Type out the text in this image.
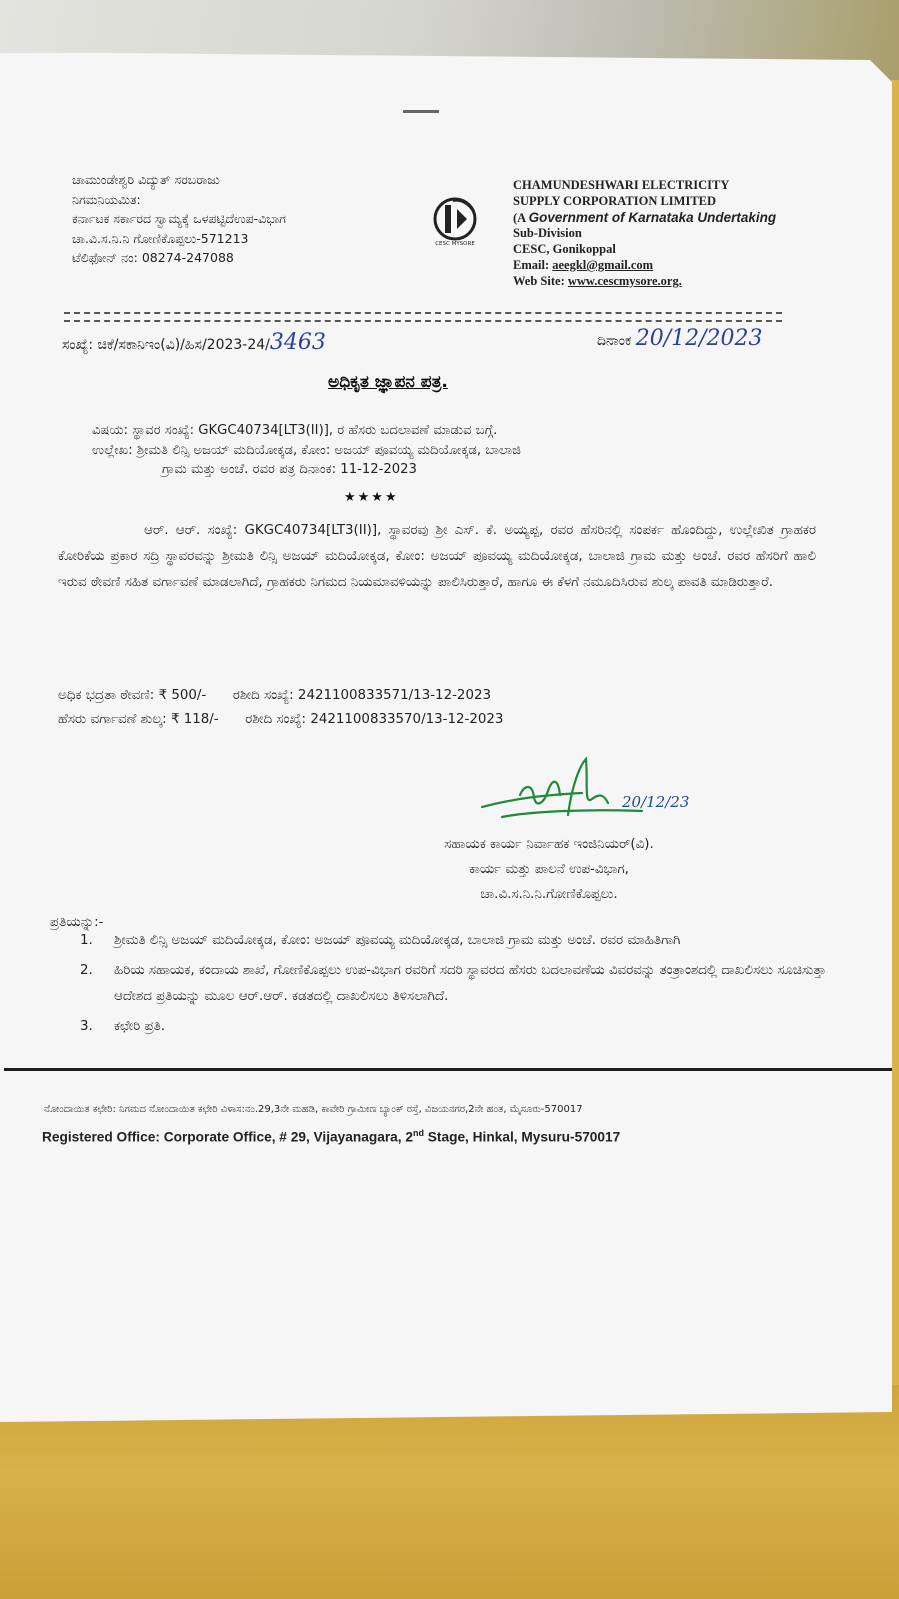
ಚಾಮುಂಡೇಶ್ವರಿ ವಿದ್ಯುತ್ ಸರಬರಾಜು
ನಿಗಮನಿಯಮಿತ:
ಕರ್ನಾಟಕ ಸರ್ಕಾರದ ಸ್ವಾಮ್ಯಕ್ಕೆ ಒಳಪಟ್ಟಿದೆಉಪ-ವಿಭಾಗ
ಚಾ.ವಿ.ಸ.ನಿ.ನಿ ಗೋಣಿಕೊಪ್ಪಲು-571213
ಟೆಲಿಫೋನ್ ನಂ: 08274-247088
CESC MYSORE
CHAMUNDESHWARI ELECTRICITY
SUPPLY CORPORATION LIMITED
(A Government of Karnataka Undertaking
Sub-Division
CESC, Gonikoppal
Email: aeegkl@gmail.com
Web Site: www.cescmysore.org.
ಸಂಖ್ಯೆ: ಚಿಕೆ/ಸಕಾನಿಇಂ(ವಿ)/ಹಿಸ/2023-24/3463	ದಿನಾಂಕ 20/12/2023
ಅಧಿಕೃತ ಜ್ಞಾಪನ ಪತ್ರ.
ವಿಷಯ: ಸ್ಥಾವರ ಸಂಖ್ಯೆ: GKGC40734[LT3(II)], ರ ಹೆಸರು ಬದಲಾವಣೆ ಮಾಡುವ ಬಗ್ಗೆ.
ಉಲ್ಲೇಖ: ಶ್ರೀಮತಿ ಲಿನ್ಸಿ ಅಜಯ್ ಮದಿಯೋಕ್ಕಡ, ಕೋಂ: ಅಜಯ್ ಪೂವಯ್ಯ ಮದಿಯೋಕ್ಕಡ, ಬಾಲಾಜಿ
ಗ್ರಾಮ ಮತ್ತು ಅಂಚೆ. ರವರ ಪತ್ರ ದಿನಾಂಕ: 11-12-2023
★★★★
ಆರ್. ಆರ್. ಸಂಖ್ಯೆ: GKGC40734[LT3(II)], ಸ್ಥಾವರವು ಶ್ರೀ ಎಸ್. ಕೆ. ಅಯ್ಯಪ್ಪ, ರವರ ಹೆಸರಿನಲ್ಲಿ ಸಂಪರ್ಕ ಹೊಂದಿದ್ದು, ಉಲ್ಲೇಖಿತ ಗ್ರಾಹಕರ ಕೋರಿಕೆಯ ಪ್ರಕಾರ ಸದ್ರಿ ಸ್ಥಾವರವನ್ನು ಶ್ರೀಮತಿ ಲಿನ್ಸಿ ಅಜಯ್ ಮದಿಯೋಕ್ಕಡ, ಕೋಂ: ಅಜಯ್ ಪೂವಯ್ಯ ಮದಿಯೋಕ್ಕಡ, ಬಾಲಾಜಿ ಗ್ರಾಮ ಮತ್ತು ಅಂಚೆ. ರವರ ಹೆಸರಿಗೆ ಹಾಲಿ ಇರುವ ಠೇವಣಿ ಸಹಿತ ವರ್ಗಾವಣೆ ಮಾಡಲಾಗಿದೆ, ಗ್ರಾಹಕರು ನಿಗಮದ ನಿಯಮಾವಳಿಯನ್ನು ಪಾಲಿಸಿರುತ್ತಾರೆ, ಹಾಗೂ ಈ ಕೆಳಗೆ ನಮೂದಿಸಿರುವ ಶುಲ್ಕ ಪಾವತಿ ಮಾಡಿರುತ್ತಾರೆ.
ಅಧಿಕ ಭದ್ರತಾ ಠೇವಣಿ: ₹ 500/- ರಶೀದಿ ಸಂಖ್ಯೆ: 242110083357​1/13-12-2023
ಹೆಸರು ವರ್ಗಾವಣೆ ಶುಲ್ಕ: ₹ 118/- ರಶೀದಿ ಸಂಖ್ಯೆ: 2421100833570/13-12-2023
20/12/23
ಸಹಾಯಕ ಕಾರ್ಯ ನಿರ್ವಾಹಕ ಇಂಜಿನಿಯರ್(ವಿ).
ಕಾರ್ಯ ಮತ್ತು ಪಾಲನೆ ಉಪ-ವಿಭಾಗ,
ಚಾ.ವಿ.ಸ.ನಿ.ನಿ.ಗೋಣಿಕೊಪ್ಪಲು.
ಪ್ರತಿಯನ್ನು:-
1.	ಶ್ರೀಮತಿ ಲಿನ್ಸಿ ಅಜಯ್ ಮದಿಯೋಕ್ಕಡ, ಕೋಂ: ಅಜಯ್ ಪೂವಯ್ಯ ಮದಿಯೋಕ್ಕಡ, ಬಾಲಾಜಿ ಗ್ರಾಮ ಮತ್ತು ಅಂಚೆ. ರವರ ಮಾಹಿತಿಗಾಗಿ
2.	ಹಿರಿಯ ಸಹಾಯಕ, ಕಂದಾಯ ಶಾಖೆ, ಗೋಣಿಕೊಪ್ಪಲು ಉಪ-ವಿಭಾಗ ರವರಿಗೆ ಸದರಿ ಸ್ಥಾವರದ ಹೆಸರು ಬದಲಾವಣೆಯ ವಿವರವನ್ನು ತಂತ್ರಾಂಶದಲ್ಲಿ ದಾಖಲಿಸಲು ಸೂಚಿಸುತ್ತಾ ಆದೇಶದ ಪ್ರತಿಯನ್ನು ಮೂಲ ಆರ್.ಆರ್. ಕಡತದಲ್ಲಿ ದಾಖಲಿಸಲು ತಿಳಿಸಲಾಗಿದೆ.
3.	ಕಛೇರಿ ಪ್ರತಿ.
ನೋಂದಾಯಿತ ಕಛೇರಿ: ನಿಗಮದ ನೋಂದಾಯಿತ ಕಛೇರಿ ವಿಳಾಸ:ನಂ.29,3ನೇ ಮಹಡಿ, ಕಾವೇರಿ ಗ್ರಾಮೀಣ ಬ್ಯಾಂಕ್ ರಸ್ತೆ, ವಿಜಯನಗರ,2ನೇ ಹಂತ, ಮೈಸೂರು-570017
Registered Office: Corporate Office, # 29, Vijayanagara, 2nd Stage, Hinkal, Mysuru-570017
